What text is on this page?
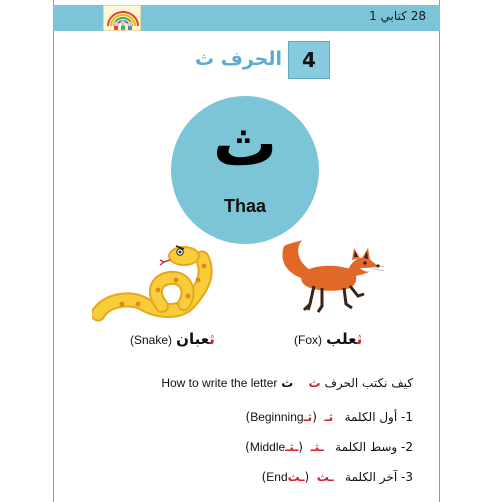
28 كتابي 1
4
الحرف ث
ث
Thaa
ثعبان (Snake)	ثعلب (Fox)
كيف نكتب الحرف ث    ث How to write the letter
1- أول الكلمة   ثـ  (ثـBeginning)
2- وسط الكلمة   ـثـ  (ـثـMiddle)
3- آخر الكلمة   ـث  (ـثEnd)
